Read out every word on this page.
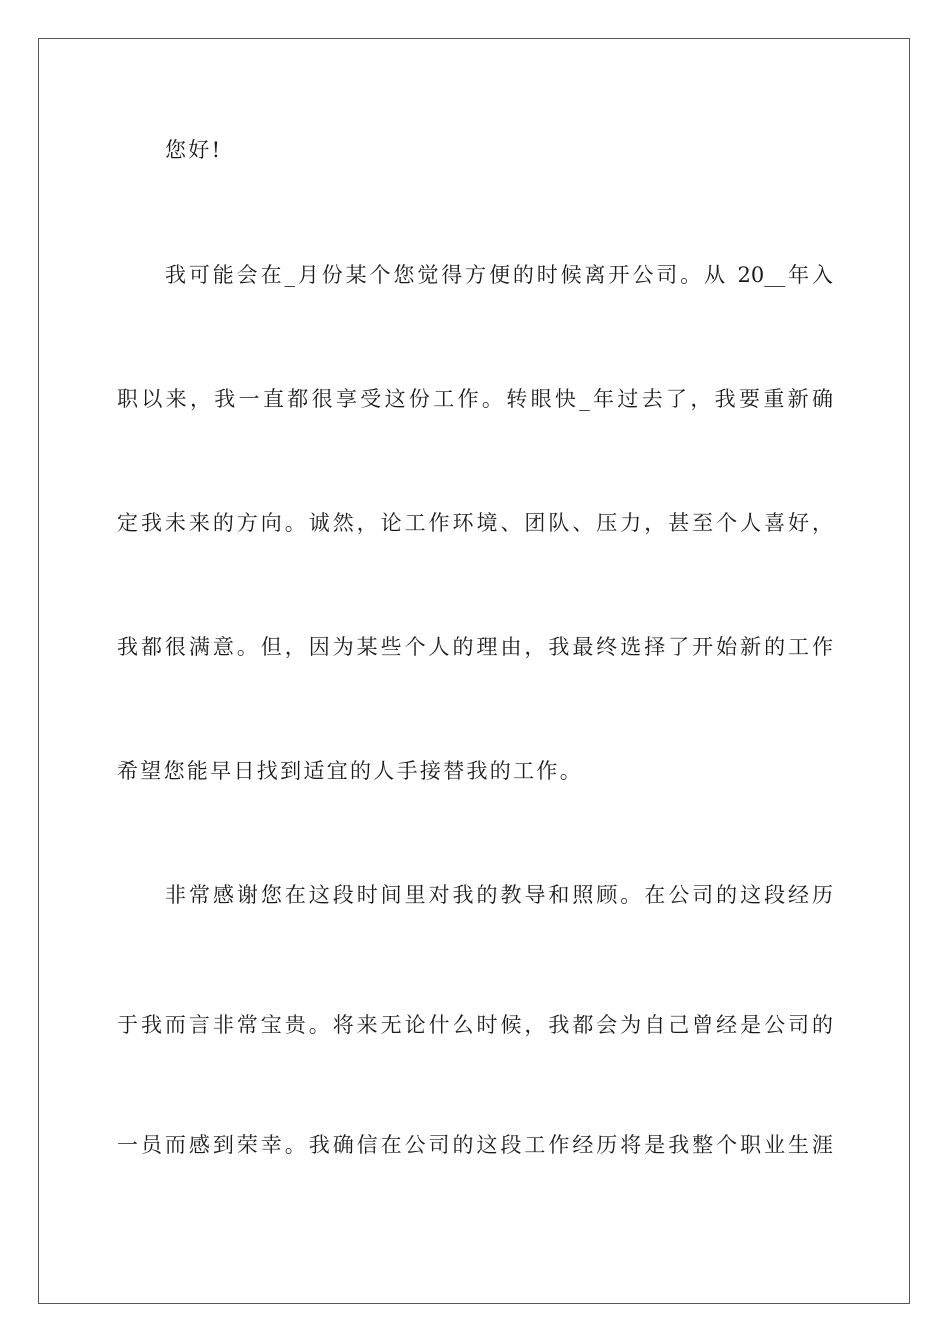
您好!
我可能会在_月份某个您觉得方便的时候离开公司。从 20__年入
职以来，我一直都很享受这份工作。转眼快_年过去了，我要重新确
定我未来的方向。诚然，论工作环境、团队、压力，甚至个人喜好，
我都很满意。但，因为某些个人的理由，我最终选择了开始新的工作
希望您能早日找到适宜的人手接替我的工作。
非常感谢您在这段时间里对我的教导和照顾。在公司的这段经历
于我而言非常宝贵。将来无论什么时候，我都会为自己曾经是公司的
一员而感到荣幸。我确信在公司的这段工作经历将是我整个职业生涯
